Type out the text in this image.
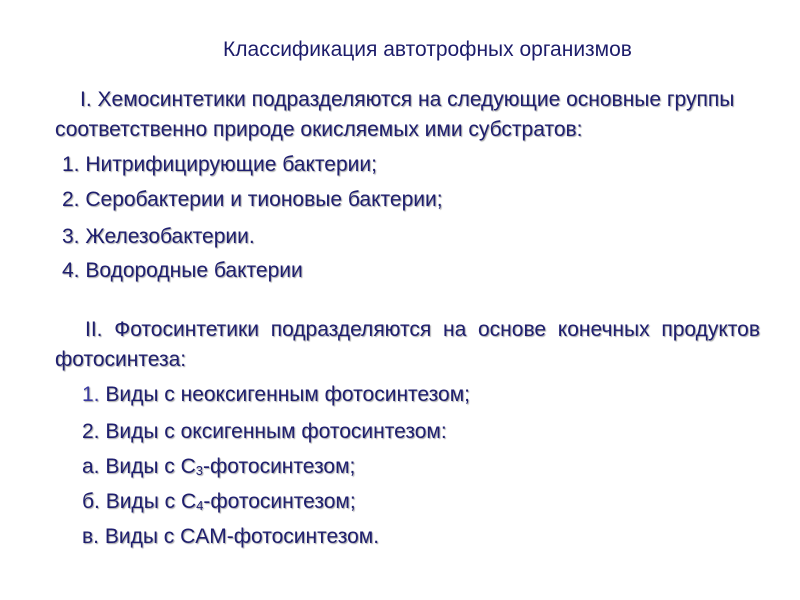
Классификация автотрофных организмов
I. Хемосинтетики подразделяются на следующие основные группы соответственно природе окисляемых ими субстратов:
1. Нитрифицирующие бактерии;
2. Серобактерии и тионовые бактерии;
3. Железобактерии.
4. Водородные бактерии
II. Фотосинтетики подразделяются на основе конечных продуктов фотосинтеза:
1. Виды с неоксигенным фотосинтезом;
2. Виды с оксигенным фотосинтезом:
а. Виды с C3-фотосинтезом;
б. Виды с C4-фотосинтезом;
в. Виды с CAM-фотосинтезом.
